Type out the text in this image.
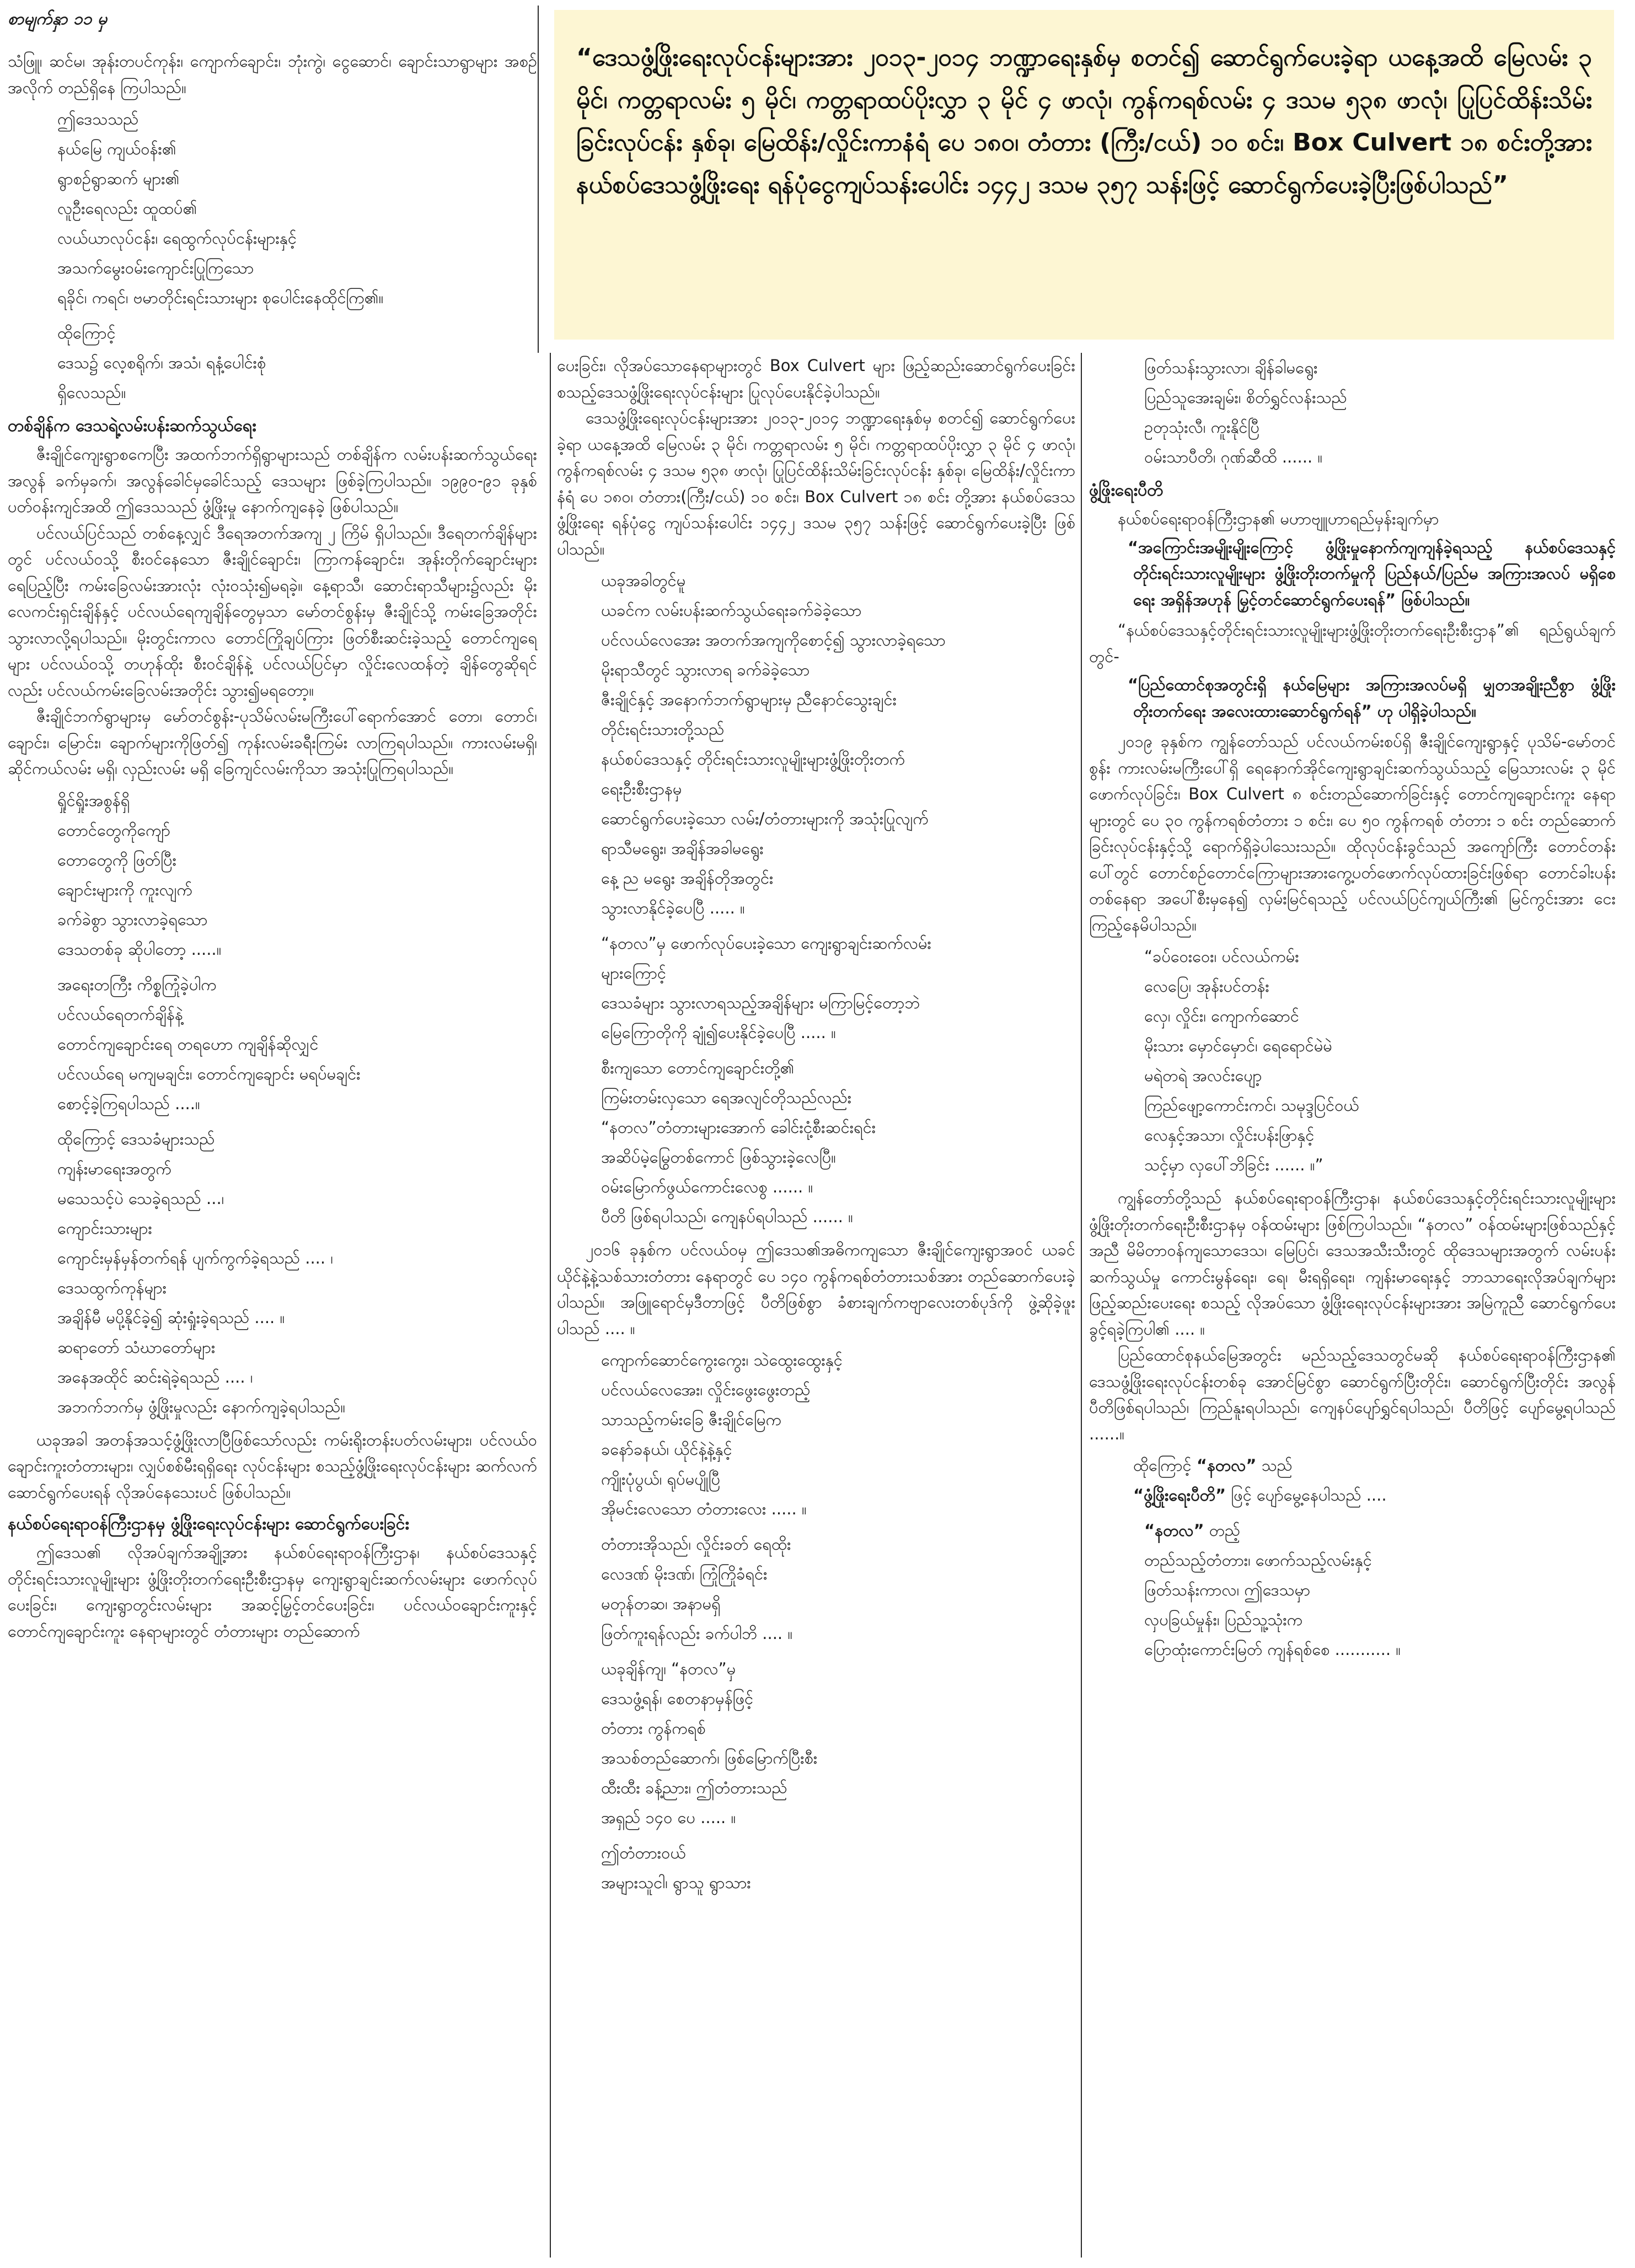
စာမျက်နှာ ၁၁ မှ
“ဒေသဖွံ့ဖြိုးရေးလုပ်ငန်းများအား ၂၀၁၃-၂၀၁၄ ဘဏ္ဍာရေးနှစ်မှ စတင်၍ ဆောင်ရွက်ပေးခဲ့ရာ ယနေ့အထိ မြေလမ်း ၃ မိုင်၊ ကတ္တရာလမ်း ၅ မိုင်၊ ကတ္တရာထပ်ပိုးလွှာ ၃ မိုင် ၄ ဖာလုံ၊ ကွန်ကရစ်လမ်း ၄ ဒသမ ၅၃၈ ဖာလုံ၊ ပြုပြင်ထိန်းသိမ်းခြင်းလုပ်ငန်း နှစ်ခု၊ မြေထိန်း/လှိုင်းကာနံရံ ပေ ၁၈၀၊ တံတား (ကြီး/ငယ်) ၁၀ စင်း၊ Box Culvert ၁၈ စင်းတို့အား နယ်စပ်ဒေသဖွံ့ဖြိုးရေး ရန်ပုံငွေကျပ်သန်းပေါင်း ၁၄၄၂ ဒသမ ၃၅၇ သန်းဖြင့် ဆောင်ရွက်ပေးခဲ့ပြီးဖြစ်ပါသည်”

သံဖြူ၊ ဆင်မ၊ အုန်းတပင်ကုန်း၊ ကျောက်ချောင်း၊ ဘုံးကွဲ၊ ငွေဆောင်၊ ချောင်းသာရွာများ အစဉ်အလိုက် တည်ရှိနေ ကြပါသည်။

ဤဒေသသည်
နယ်မြေ ကျယ်ဝန်း၏
ရွာစဉ်ရွာဆက် များ၏
လူဦးရေလည်း ထူထပ်၏
လယ်ယာလုပ်ငန်း၊ ရေထွက်လုပ်ငန်းများနှင့်
အသက်မွေးဝမ်းကျောင်းပြုကြသော
ရခိုင်၊ ကရင်၊ ဗမာတိုင်းရင်းသားများ စုပေါင်းနေထိုင်ကြ၏။
ထိုကြောင့်
ဒေသ၌ လေ့စရိုက်၊ အသံ၊ ရနံ့ပေါင်းစုံ
ရှိလေသည်။
တစ်ချိန်က ဒေသရဲ့လမ်းပန်းဆက်သွယ်ရေး

ဇီးချိုင်ကျေးရွာစကေပြီး အထက်ဘက်ရှိရွာများသည် တစ်ချိန်က လမ်းပန်းဆက်သွယ်ရေး အလွန် ခက်မှခက်၊ အလွန်ခေါင်မှခေါင်သည့် ဒေသများ ဖြစ်ခဲ့ကြပါသည်။ ၁၉၉၀-၉၁ ခုနှစ် ပတ်ဝန်းကျင်အထိ ဤဒေသသည် ဖွံ့ဖြိုးမှု နောက်ကျနေခဲ့ ဖြစ်ပါသည်။

ပင်လယ်ပြင်သည် တစ်နေ့လျှင် ဒီရေအတက်အကျ ၂ ကြိမ် ရှိပါသည်။ ဒီရေတက်ချိန်များတွင် ပင်လယ်ဝသို့ စီးဝင်နေသော ဇီးချိုင်ချောင်း၊ ကြာကန်ချောင်း၊ အုန်းတိုက်ချောင်းများ ရေပြည့်ပြီး ကမ်းခြေလမ်းအားလုံး လုံးဝသုံး၍မရခဲ့။ နေ့ရာသီ၊ ဆောင်းရာသီများ၌လည်း မိုးလေကင်းရှင်းချိန်နှင့် ပင်လယ်ရေကျချိန်တွေမှသာ မော်တင်စွန်းမှ ဇီးချိုင်သို့ ကမ်းခြေအတိုင်း သွားလာလို့ရပါသည်။ မိုးတွင်းကာလ တောင်ကြိုချပ်ကြား ဖြတ်စီးဆင်းခဲ့သည့် တောင်ကျရေများ ပင်လယ်ဝသို့ တဟုန်ထိုး စီးဝင်ချိန်နဲ့ ပင်လယ်ပြင်မှာ လှိုင်းလေထန်တဲ့ ချိန်တွေဆိုရင်လည်း ပင်လယ်ကမ်းခြေလမ်းအတိုင်း သွား၍မရတော့။

ဇီးချိုင်ဘက်ရွာများမှ မော်တင်စွန်း-ပုသိမ်လမ်းမကြီးပေါ်ရောက်အောင် တော၊ တောင်၊ ချောင်း၊ မြောင်း၊ ချောက်များကိုဖြတ်၍ ကုန်းလမ်းခရီးကြမ်း လာကြရပါသည်။ ကားလမ်းမရှိ၊ ဆိုင်ကယ်လမ်း မရှိ၊ လှည်းလမ်း မရှိ ခြေကျင်လမ်းကိုသာ အသုံးပြုကြရပါသည်။

ရှိုင်ရှိုးအစွန်ရှိ
တောင်တွေကိုကျော်
တောတွေကို ဖြတ်ပြီး
ချောင်းများကို ကူးလျက်
ခက်ခဲစွာ သွားလာခဲ့ရသော
ဒေသတစ်ခု ဆိုပါတော့ .....။
အရေးတကြီး ကိစ္စကြုံခဲ့ပါက
ပင်လယ်ရေတက်ချိန်နဲ့
တောင်ကျချောင်းရေ တရဟော ကျချိန်ဆိုလျှင်
ပင်လယ်ရေ မကျမချင်း၊ တောင်ကျချောင်း မရပ်မချင်း
စောင့်ခဲ့ကြရပါသည် ....။
ထိုကြောင့် ဒေသခံများသည်
ကျန်းမာရေးအတွက်
မသေသင့်ပဲ သေခဲ့ရသည် ...၊
ကျောင်းသားများ
ကျောင်းမှန်မှန်တက်ရန် ပျက်ကွက်ခဲ့ရသည် .... ၊
ဒေသထွက်ကုန်များ
အချိန်မီ မပို့နိုင်ခဲ့၍ ဆုံးရှုံးခဲ့ရသည် .... ။
ဆရာတော် သံဃာတော်များ
အနေအထိုင် ဆင်းရဲခဲ့ရသည် .... ၊
အဘက်ဘက်မှ ဖွံ့ဖြိုးမှုလည်း နောက်ကျခဲ့ရပါသည်။

ယခုအခါ အတန်အသင့်ဖွံ့ဖြိုးလာပြီဖြစ်သော်လည်း ကမ်းရိုးတန်းပတ်လမ်းများ၊ ပင်လယ်ဝ ချောင်းကူးတံတားများ၊ လျှပ်စစ်မီးရရှိရေး လုပ်ငန်းများ စသည့်ဖွံ့ဖြိုးရေးလုပ်ငန်းများ ဆက်လက်ဆောင်ရွက်ပေးရန် လိုအပ်နေသေးပင် ဖြစ်ပါသည်။

နယ်စပ်ရေးရာဝန်ကြီးဌာနမှ ဖွံ့ဖြိုးရေးလုပ်ငန်းများ ဆောင်ရွက်ပေးခြင်း

ဤဒေသ၏ လိုအပ်ချက်အချို့အား နယ်စပ်ရေးရာဝန်ကြီးဌာန၊ နယ်စပ်ဒေသနှင့်တိုင်းရင်းသားလူမျိုးများ ဖွံ့ဖြိုးတိုးတက်ရေးဦးစီးဌာနမှ ကျေးရွာချင်းဆက်လမ်းများ ဖောက်လုပ်ပေးခြင်း၊ ကျေးရွာတွင်းလမ်းများ အဆင့်မြှင့်တင်ပေးခြင်း၊ ပင်လယ်ဝချောင်းကူးနှင့် တောင်ကျချောင်းကူး နေရာများတွင် တံတားများ တည်ဆောက်

ပေးခြင်း၊ လိုအပ်သောနေရာများတွင် Box Culvert များ ဖြည့်ဆည်းဆောင်ရွက်ပေးခြင်း စသည့်ဒေသဖွံ့ဖြိုးရေးလုပ်ငန်းများ ပြုလုပ်ပေးနိုင်ခဲ့ပါသည်။

ဒေသဖွံ့ဖြိုးရေးလုပ်ငန်းများအား ၂၀၁၃-၂၀၁၄ ဘဏ္ဍာရေးနှစ်မှ စတင်၍ ဆောင်ရွက်ပေးခဲ့ရာ ယနေ့အထိ မြေလမ်း ၃ မိုင်၊ ကတ္တရာလမ်း ၅ မိုင်၊ ကတ္တရာထပ်ပိုးလွှာ ၃ မိုင် ၄ ဖာလုံ၊ ကွန်ကရစ်လမ်း ၄ ဒသမ ၅၃၈ ဖာလုံ၊ ပြုပြင်ထိန်းသိမ်းခြင်းလုပ်ငန်း နှစ်ခု၊ မြေထိန်း/လှိုင်းကာနံရံ ပေ ၁၈၀၊ တံတား(ကြီး/ငယ်) ၁၀ စင်း၊ Box Culvert ၁၈ စင်း တို့အား နယ်စပ်ဒေသဖွံ့ဖြိုးရေး ရန်ပုံငွေ ကျပ်သန်းပေါင်း ၁၄၄၂ ဒသမ ၃၅၇ သန်းဖြင့် ဆောင်ရွက်ပေးခဲ့ပြီး ဖြစ်ပါသည်။

ယခုအခါတွင်မူ
ယခင်က လမ်းပန်းဆက်သွယ်ရေးခက်ခဲခဲ့သော
ပင်လယ်လေအေး အတက်အကျကိုစောင့်၍ သွားလာခဲ့ရသော
မိုးရာသီတွင် သွားလာရ ခက်ခဲခဲ့သော
ဇီးချိုင်နှင့် အနောက်ဘက်ရွာများမှ ညီနောင်သွေးချင်း
တိုင်းရင်းသားတို့သည်
နယ်စပ်ဒေသနှင့် တိုင်းရင်းသားလူမျိုးများဖွံ့ဖြိုးတိုးတက်
ရေးဦးစီးဌာနမှ
ဆောင်ရွက်ပေးခဲ့သော လမ်း/တံတားများကို အသုံးပြုလျက်
ရာသီမရွေး၊ အချိန်အခါမရွေး
နေ့ ည မရွေး အချိန်တိုအတွင်း
သွားလာနိုင်ခဲ့ပေပြီ ..... ။
“နတလ”မှ ဖောက်လုပ်ပေးခဲ့သော ကျေးရွာချင်းဆက်လမ်း
များကြောင့်
ဒေသခံများ သွားလာရသည့်အချိန်များ မကြာမြင့်တော့ဘဲ
မြေကြောတိုကို ချုံ၍ပေးနိုင်ခဲ့ပေပြီ ..... ။
စီးကျသော တောင်ကျချောင်းတို့၏
ကြမ်းတမ်းလှသော ရေအလျင်တိုသည်လည်း
“နတလ”တံတားများအောက် ခေါင်းငုံ့စီးဆင်းရင်း
အဆိပ်မဲ့မြွေတစ်ကောင် ဖြစ်သွားခဲ့လေပြီ။
ဝမ်းမြောက်ဖွယ်ကောင်းလေစွ ...... ။
ပီတိ ဖြစ်ရပါသည်၊ ကျေနပ်ရပါသည် ...... ။

၂၀၁၆ ခုနှစ်က ပင်လယ်ဝမှ ဤဒေသ၏အဓိကကျသော ဇီးချိုင်ကျေးရွာအဝင် ယခင်ယိုင်နဲ့နဲ့သစ်သားတံတား နေရာတွင် ပေ ၁၄၀ ကွန်ကရစ်တံတားသစ်အား တည်ဆောက်ပေးခဲ့ပါသည်။ အဖြူရောင်မှဒီတာဖြင့် ပီတိဖြစ်စွာ ခံစားချက်ကဗျာလေးတစ်ပုဒ်ကို ဖွဲ့ဆိုခဲ့ဖူးပါသည် .... ။

ကျောက်ဆောင်ကွေးကွေး၊ သဲထွေးထွေးနှင့်
ပင်လယ်လေအေး၊ လှိုင်းဖွေးဖွေးတည့်
သာသည့်ကမ်းခြေ ဇီးချိုင်မြေက
ခနော်ခနယ်၊ ယိုင်နဲ့နဲ့နှင့်
ကျိုးပုံပွယ်၊ ရုပ်မပျိုပြီ
အိုမင်းလေသော တံတားလေး ..... ။
တံတားအိုသည်၊ လှိုင်းခတ် ရေထိုး
လေဒဏ် မိုးဒဏ်၊ ကြုံကြိုခံရင်း
မတုန်တဆ၊ အနာမရှိ
ဖြတ်ကူးရန်လည်း ခက်ပါဘိ .... ။
ယခုချိန်ကျ၊ “နတလ”မှ
ဒေသဖွံ့ရန်၊ စေတနာမှန်ဖြင့်
တံတား ကွန်ကရစ်
အသစ်တည်ဆောက်၊ ဖြစ်မြောက်ပြီးစီး
ထီးထီး ခန့်ညား၊ ဤတံတားသည်
အရှည် ၁၄၀ ပေ ..... ။
ဤတံတားဝယ်
အများသူငါ၊ ရွာသူ ရွာသား
ဖြတ်သန်းသွားလာ၊ ချိန်ခါမရွေး
ပြည်သူအေးချမ်း၊ စိတ်ရွှင်လန်းသည်
ဥတုသုံးလီ၊ ကူးနိုင်ပြီ
ဝမ်းသာပီတိ၊ ဂုဏ်ဆီထိ ...... ။
ဖွံ့ဖြိုးရေးပီတိ

နယ်စပ်ရေးရာဝန်ကြီးဌာန၏ မဟာဗျူဟာရည်မှန်းချက်မှာ

“အကြောင်းအမျိုးမျိုးကြောင့် ဖွံ့ဖြိုးမှုနောက်ကျကျန်ခဲ့ရသည့် နယ်စပ်ဒေသနှင့် တိုင်းရင်းသားလူမျိုးများ ဖွံ့ဖြိုးတိုးတက်မှုကို ပြည်နယ်/ပြည်မ အကြားအလပ် မရှိစေ ရေး အရှိန်အဟုန် မြှင့်တင်ဆောင်ရွက်ပေးရန်” ဖြစ်ပါသည်။

“နယ်စပ်ဒေသနှင့်တိုင်းရင်းသားလူမျိုးများဖွံ့ဖြိုးတိုးတက်ရေးဦးစီးဌာန”၏ ရည်ရွယ်ချက်တွင်-

“ပြည်ထောင်စုအတွင်းရှိ နယ်မြေများ အကြားအလပ်မရှိ မျှတအချိုးညီစွာ ဖွံ့ဖြိုးတိုးတက်ရေး အလေးထားဆောင်ရွက်ရန်” ဟု ပါရှိခဲ့ပါသည်။

၂၀၁၉ ခုနှစ်က ကျွန်တော်သည် ပင်လယ်ကမ်းစပ်ရှိ ဇီးချိုင်ကျေးရွာနှင့် ပုသိမ်-မော်တင်စွန်း ကားလမ်းမကြီးပေါ်ရှိ ရေနောက်အိုင်ကျေးရွာချင်းဆက်သွယ်သည့် မြေသားလမ်း ၃ မိုင် ဖောက်လုပ်ခြင်း၊ Box Culvert ၈ စင်းတည်ဆောက်ခြင်းနှင့် တောင်ကျချောင်းကူး နေရာများတွင် ပေ ၃၀ ကွန်ကရစ်တံတား ၁ စင်း၊ ပေ ၅၀ ကွန်ကရစ် တံတား ၁ စင်း တည်ဆောက်ခြင်းလုပ်ငန်းနှင့်သို့ ရောက်ရှိခဲ့ပါသေးသည်။ ထိုလုပ်ငန်းခွင်သည် အကျော်ကြီး တောင်တန်းပေါ်တွင် တောင်စဉ်တောင်ကြောများအားကွေ့ပတ်ဖောက်လုပ်ထားခြင်းဖြစ်ရာ တောင်ခါးပန်းတစ်နေရာ အပေါ်စီးမှနေ၍ လှမ်းမြင်ရသည့် ပင်လယ်ပြင်ကျယ်ကြီး၏ မြင်ကွင်းအား ငေးကြည့်နေမိပါသည်။

“ခပ်ဝေးဝေး၊ ပင်လယ်ကမ်း
လေပြေ၊ အုန်းပင်တန်း
လှေ၊ လှိုင်း၊ ကျောက်ဆောင်
မိုးသား မှောင်မှောင်၊ ရေရောင်မဲမဲ
မရဲတရဲ အလင်းပျော့
ကြည်ဖျော့ကောင်းကင်၊ သမုဒ္ဒပြင်ဝယ်
လေနှင့်အသာ၊ လှိုင်းပန်းဖြာနှင့်
သင့်မှာ လှပေါ်ဘိခြင်း ...... ။”

ကျွန်တော်တို့သည် နယ်စပ်ရေးရာဝန်ကြီးဌာန၊ နယ်စပ်ဒေသနှင့်တိုင်းရင်းသားလူမျိုးများ ဖွံ့ဖြိုးတိုးတက်ရေးဦးစီးဌာနမှ ဝန်ထမ်းများ ဖြစ်ကြပါသည်။ “နတလ” ဝန်ထမ်းများဖြစ်သည်နှင့်အညီ မိမိတာဝန်ကျသောဒေသ၊ မြေပြင်၊ ဒေသအသီးသီးတွင် ထိုဒေသများအတွက် လမ်းပန်းဆက်သွယ်မှု ကောင်းမွန်ရေး၊ ရေ၊ မီးရရှိရေး၊ ကျန်းမာရေးနှင့် ဘာသာရေးလိုအပ်ချက်များ ဖြည့်ဆည်းပေးရေး စသည့် လိုအပ်သော ဖွံ့ဖြိုးရေးလုပ်ငန်းများအား အမြဲကူညီ ဆောင်ရွက်ပေးခွင့်ရခဲ့ကြပါ၏ .... ။

ပြည်ထောင်စုနယ်မြေအတွင်း မည်သည့်ဒေသတွင်မဆို နယ်စပ်ရေးရာဝန်ကြီးဌာန၏ ဒေသဖွံ့ဖြိုးရေးလုပ်ငန်းတစ်ခု အောင်မြင်စွာ ဆောင်ရွက်ပြီးတိုင်း၊ ဆောင်ရွက်ပြီးတိုင်း အလွန်ပီတိဖြစ်ရပါသည်၊ ကြည်နူးရပါသည်၊ ကျေနပ်ပျော်ရွှင်ရပါသည်၊ ပီတိဖြင့် ပျော်မွေ့ရပါသည် ......။

ထိုကြောင့် “နတလ” သည်
“ဖွံ့ဖြိုးရေးပီတိ” ဖြင့် ပျော်မွေ့နေပါသည် ....
“နတလ” တည့်
တည်သည့်တံတား၊ ဖောက်သည့်လမ်းနှင့်
ဖြတ်သန်းကာလ၊ ဤဒေသမှာ
လှပခြယ်မှုန်း၊ ပြည်သူ့သုံးက
ပြောထုံးကောင်းမြတ် ကျန်ရစ်စေ ........... ။
